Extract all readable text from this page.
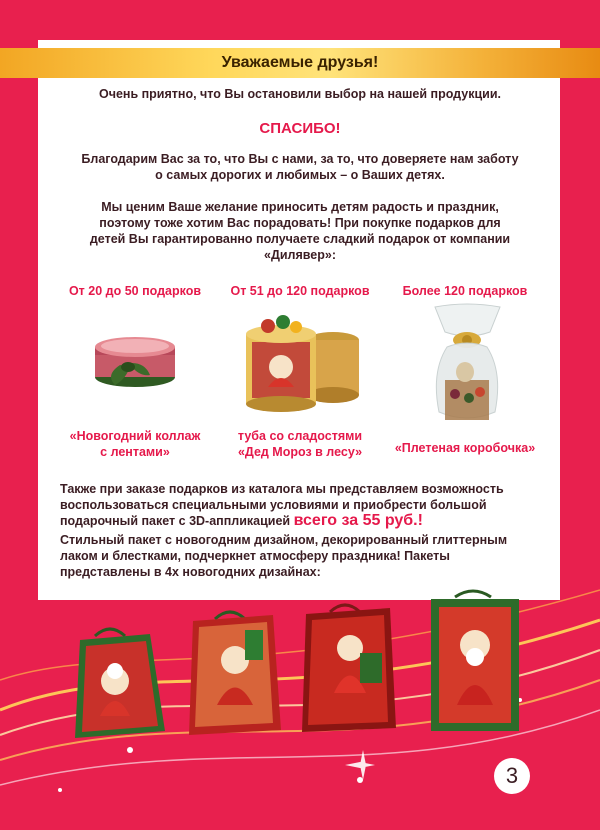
Уважаемые друзья!
Очень приятно, что Вы остановили выбор на нашей продукции.
СПАСИБО!
Благодарим Вас за то, что Вы с нами, за то, что доверяете нам заботу
о самых дорогих и любимых – о Ваших детях.
Мы ценим Ваше желание приносить детям радость и праздник,
поэтому тоже хотим Вас порадовать! При покупке подарков для
детей Вы гарантированно получаете сладкий подарок от компании
«Дилявер»:
От 20 до 50 подарков	От 51 до 120 подарков	Более 120 подарков
«Новогодний коллаж
с лентами»
туба со сладостями
«Дед Мороз в лесу»	«Плетеная коробочка»
Также при заказе подарков из каталога мы представляем возможность
воспользоваться специальными условиями и приобрести большой
подарочный пакет с 3D-аппликацией всего за 55 руб.!
Стильный пакет с новогодним дизайном, декорированный глиттерным
лаком и блестками, подчеркнет атмосферу праздника! Пакеты
представлены в 4х новогодних дизайнах:
3
